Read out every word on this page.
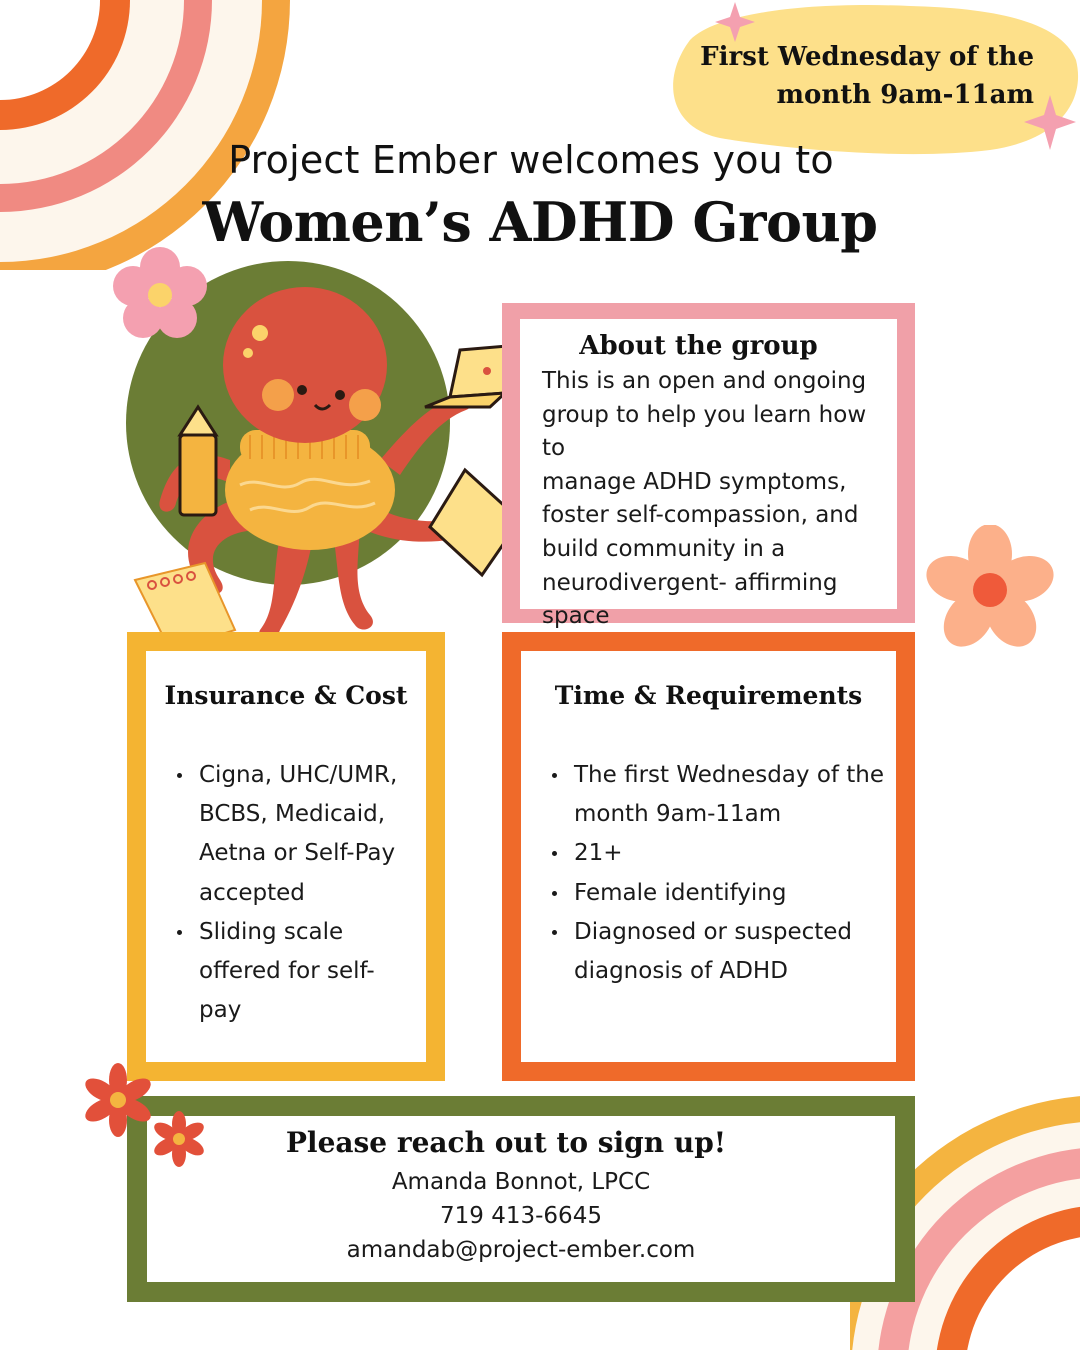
First Wednesday of the
month 9am-11am
Project Ember welcomes you to
Women’s ADHD Group
About the group
This is an open and ongoing
group to help you learn how to
manage ADHD symptoms,
foster self-compassion, and
build community in a
neurodivergent- affirming
space
Insurance & Cost
Cigna, UHC/UMR,
BCBS, Medicaid,
Aetna or Self-Pay
accepted
Sliding scale
offered for self-
pay
Time & Requirements
The first Wednesday of the
month 9am-11am
21+
Female identifying
Diagnosed or suspected
diagnosis of ADHD
Please reach out to sign up!
Amanda Bonnot, LPCC
719 413-6645
amandab@project-ember.com
